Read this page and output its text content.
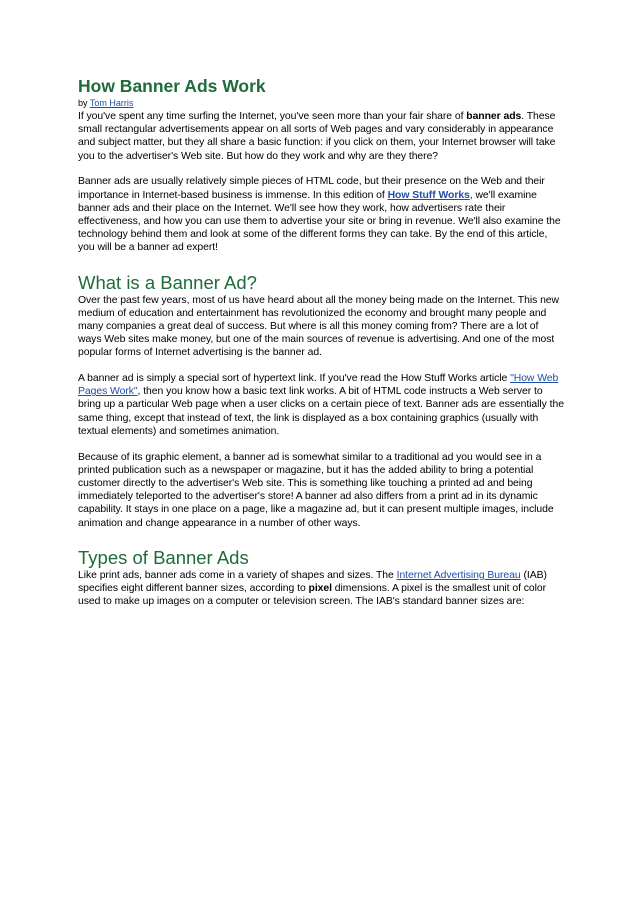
How Banner Ads Work
by Tom Harris

If you've spent any time surfing the Internet, you've seen more than your fair share of banner ads. These small rectangular advertisements appear on all sorts of Web pages and vary considerably in appearance and subject matter, but they all share a basic function: if you click on them, your Internet browser will take you to the advertiser's Web site. But how do they work and why are they there?

Banner ads are usually relatively simple pieces of HTML code, but their presence on the Web and their importance in Internet-based business is immense. In this edition of How Stuff Works, we'll examine banner ads and their place on the Internet. We'll see how they work, how advertisers rate their effectiveness, and how you can use them to advertise your site or bring in revenue. We'll also examine the technology behind them and look at some of the different forms they can take. By the end of this article, you will be a banner ad expert!

What is a Banner Ad?

Over the past few years, most of us have heard about all the money being made on the Internet. This new medium of education and entertainment has revolutionized the economy and brought many people and many companies a great deal of success. But where is all this money coming from? There are a lot of ways Web sites make money, but one of the main sources of revenue is advertising. And one of the most popular forms of Internet advertising is the banner ad.

A banner ad is simply a special sort of hypertext link. If you've read the How Stuff Works article "How Web Pages Work", then you know how a basic text link works. A bit of HTML code instructs a Web server to bring up a particular Web page when a user clicks on a certain piece of text. Banner ads are essentially the same thing, except that instead of text, the link is displayed as a box containing graphics (usually with textual elements) and sometimes animation.

Because of its graphic element, a banner ad is somewhat similar to a traditional ad you would see in a printed publication such as a newspaper or magazine, but it has the added ability to bring a potential customer directly to the advertiser's Web site. This is something like touching a printed ad and being immediately teleported to the advertiser's store! A banner ad also differs from a print ad in its dynamic capability. It stays in one place on a page, like a magazine ad, but it can present multiple images, include animation and change appearance in a number of other ways.

Types of Banner Ads

Like print ads, banner ads come in a variety of shapes and sizes. The Internet Advertising Bureau (IAB) specifies eight different banner sizes, according to pixel dimensions. A pixel is the smallest unit of color used to make up images on a computer or television screen. The IAB's standard banner sizes are:
